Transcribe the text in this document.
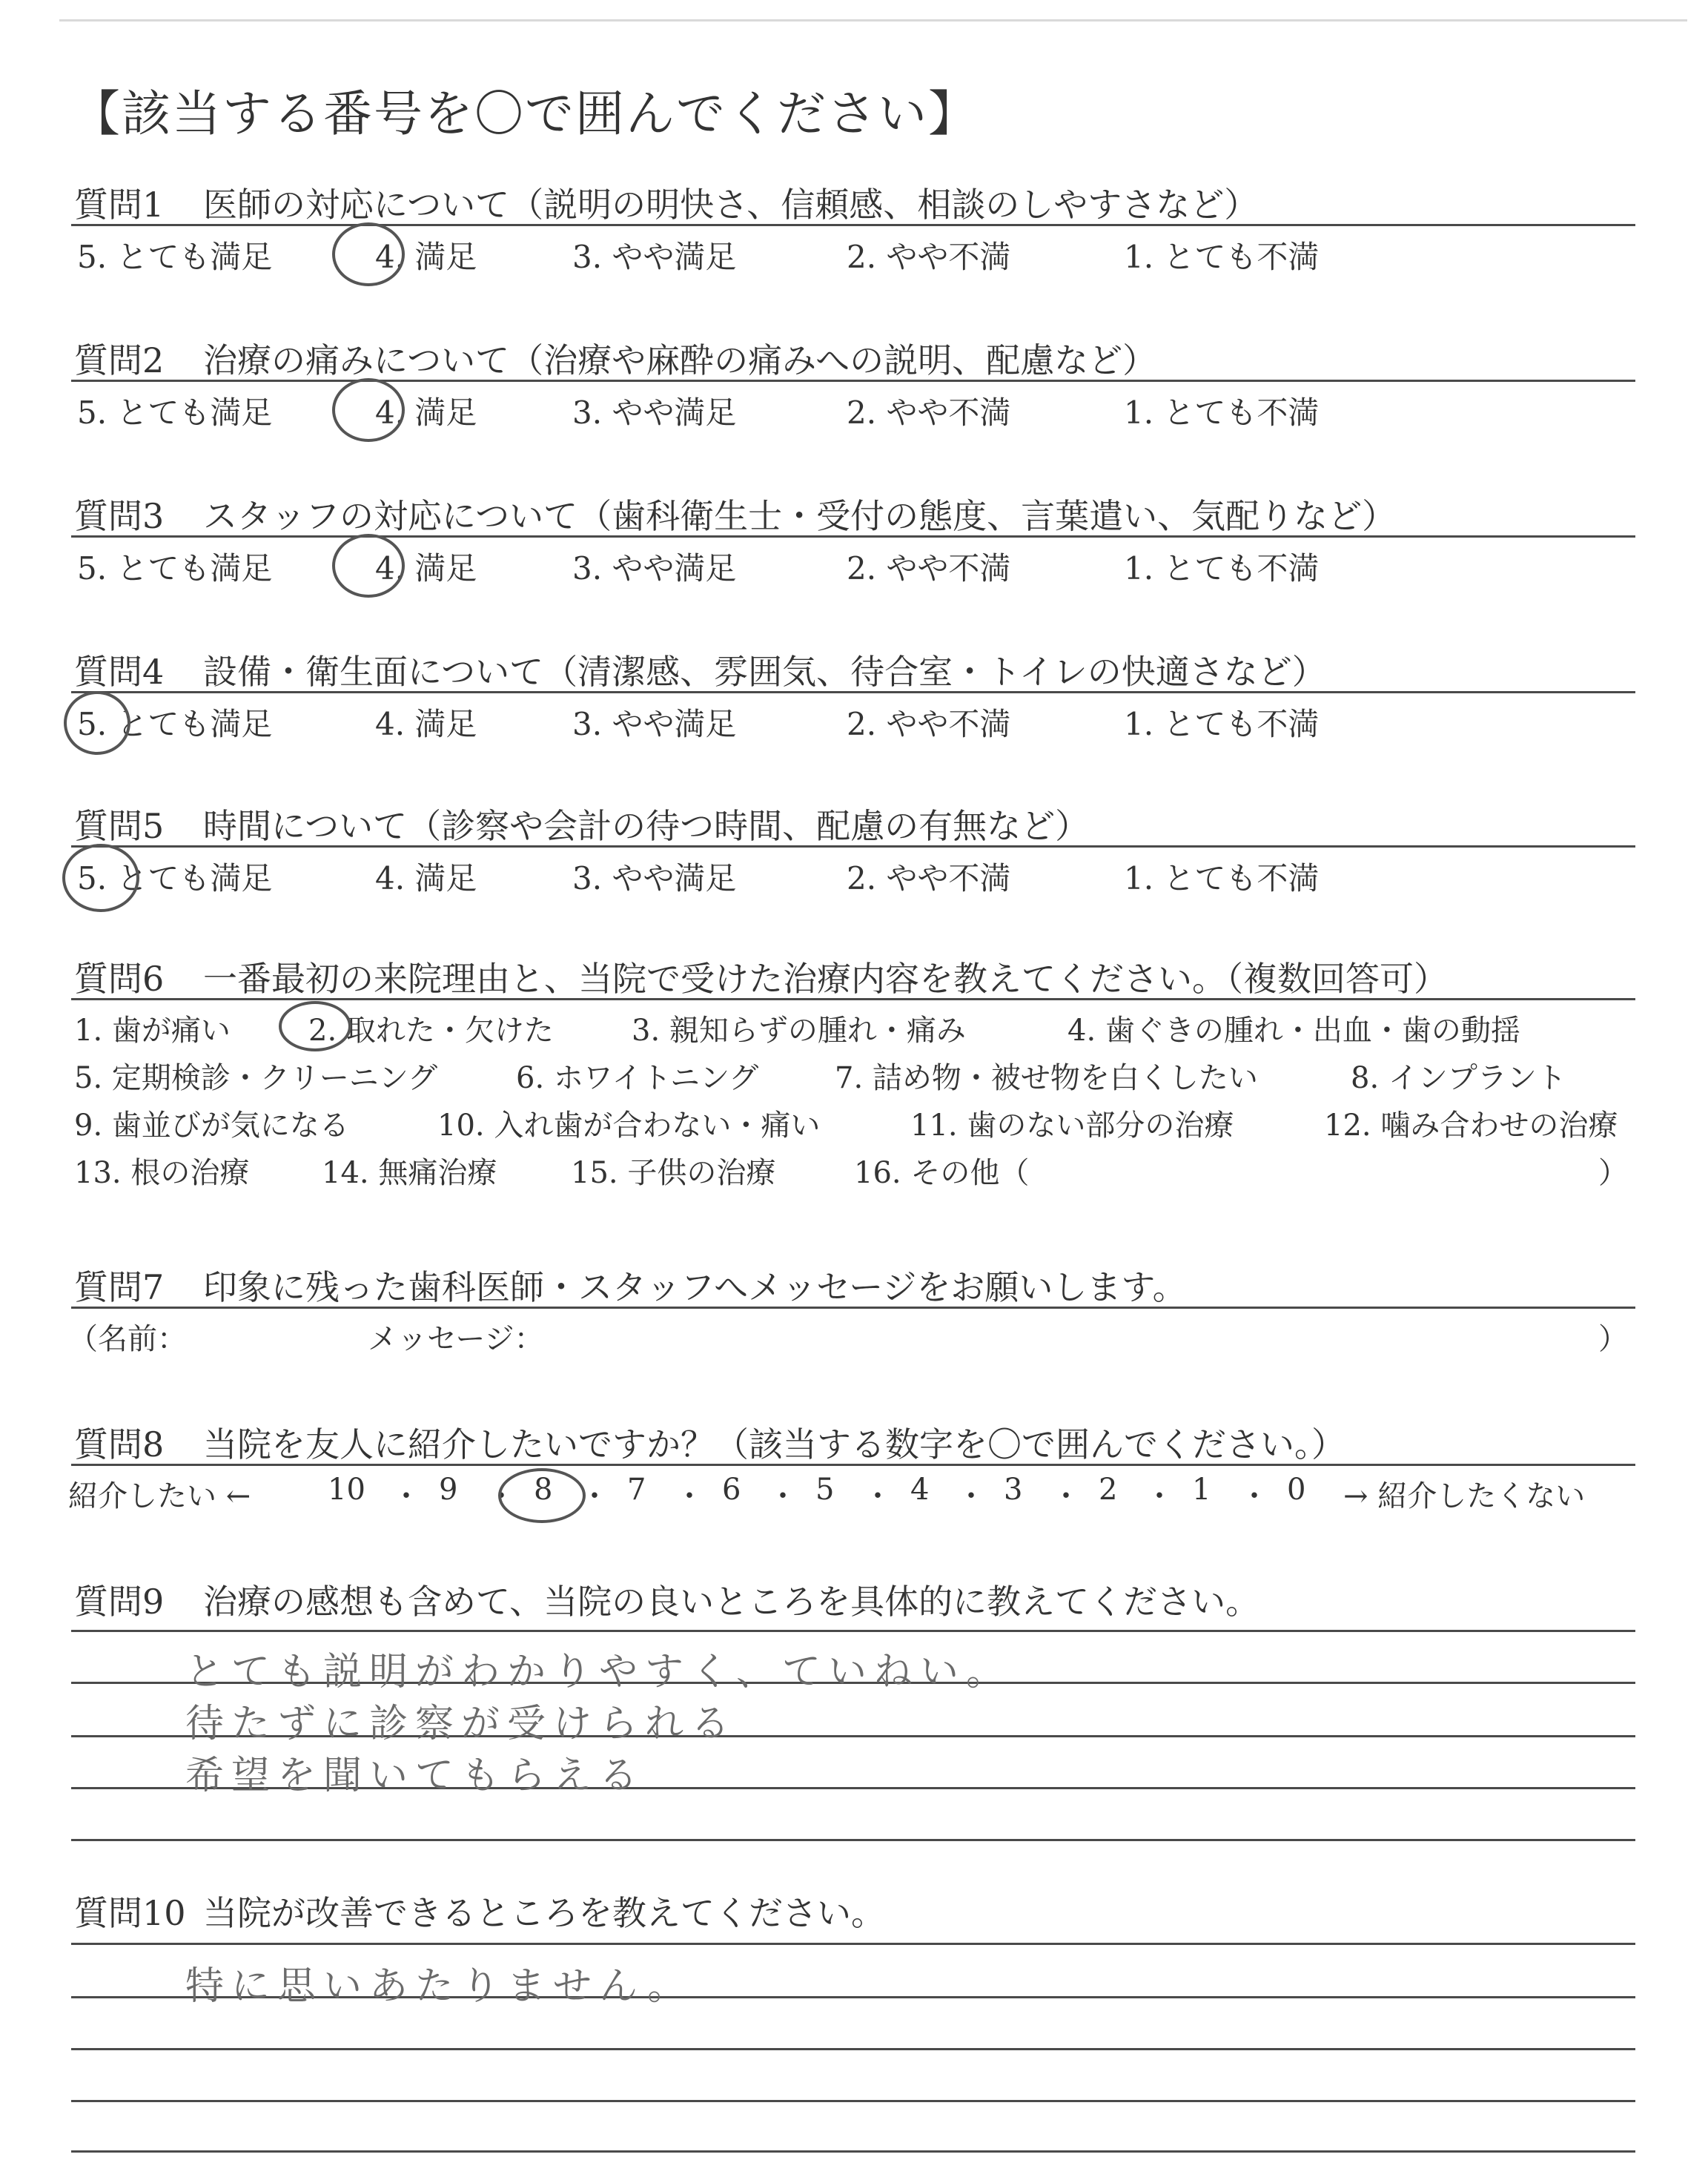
【該当する番号を〇で囲んでください】
質問1 医師の対応について（説明の明快さ、信頼感、相談のしやすさなど）
5. とても満足	4. 満足	3. やや満足	2. やや不満	1. とても不満
質問2 治療の痛みについて（治療や麻酔の痛みへの説明、配慮など）
5. とても満足	4. 満足	3. やや満足	2. やや不満	1. とても不満
質問3 スタッフの対応について（歯科衛生士・受付の態度、言葉遣い、気配りなど）
5. とても満足	4. 満足	3. やや満足	2. やや不満	1. とても不満
質問4 設備・衛生面について（清潔感、雰囲気、待合室・トイレの快適さなど）
5. とても満足	4. 満足	3. やや満足	2. やや不満	1. とても不満
質問5 時間について（診察や会計の待つ時間、配慮の有無など）
5. とても満足	4. 満足	3. やや満足	2. やや不満	1. とても不満
質問6 一番最初の来院理由と、当院で受けた治療内容を教えてください。（複数回答可）
1. 歯が痛い	2. 取れた・欠けた	3. 親知らずの腫れ・痛み	4. 歯ぐきの腫れ・出血・歯の動揺
5. 定期検診・クリーニング	6. ホワイトニング	7. 詰め物・被せ物を白くしたい	8. インプラント
9. 歯並びが気になる	10. 入れ歯が合わない・痛い	11. 歯のない部分の治療	12. 噛み合わせの治療
13. 根の治療 14. 無痛治療 15. 子供の治療	16. その他（	）
質問7 印象に残った歯科医師・スタッフへメッセージをお願いします。
（名前：	メッセージ：	）
質問8 当院を友人に紹介したいですか？（該当する数字を〇で囲んでください。）
紹介したい ←	10 ・ 9 ・ 8 ・ 7 ・ 6 ・ 5 ・ 4 ・ 3 ・ 2 ・ 1 ・ 0 → 紹介したくない
質問9 治療の感想も含めて、当院の良いところを具体的に教えてください。
とても説明がわかりやすく、ていねい。
待たずに診察が受けられる
希望を聞いてもらえる
質問10 当院が改善できるところを教えてください。
特に思いあたりません。
